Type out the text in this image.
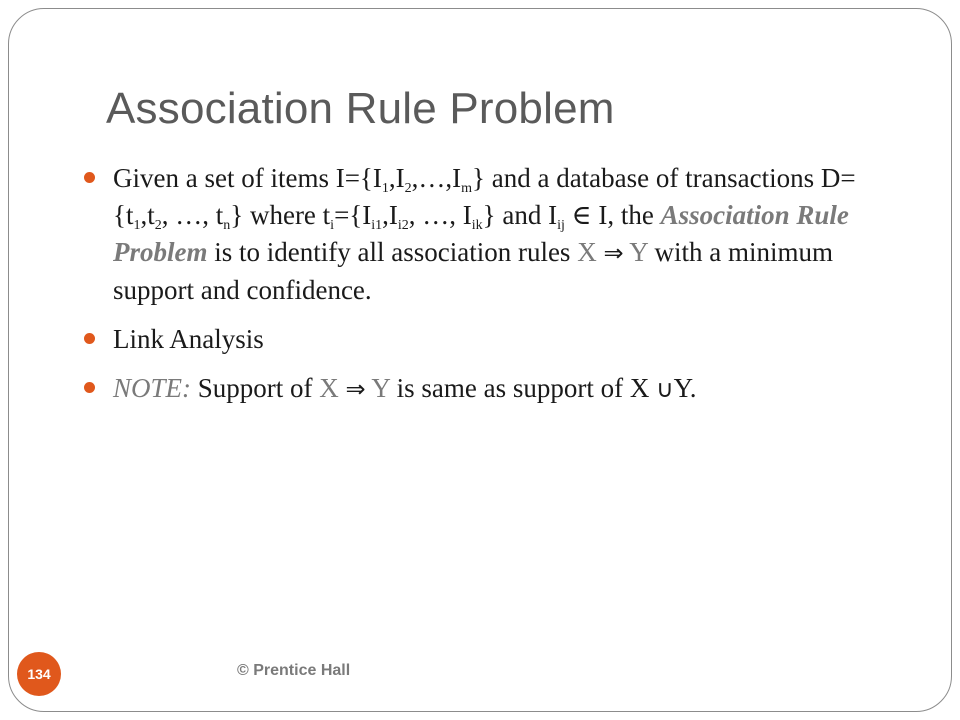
Association Rule Problem
Given a set of items $I=\{I_1,I_2,\dots,I_m\}$ and a database of transactions $D=\{t_1,t_2$, …, $t_n$} where $t_i=\{I_{i1},I_{i2}$, …, $I_{ik}$} and $I_{ij}$ ∈ I, the Association Rule Problem is to identify all association rules X ⇒ Y with a minimum support and confidence.
Link Analysis
NOTE: Support of X ⇒ Y is same as support of X ∪Y.
© Prentice Hall
134
